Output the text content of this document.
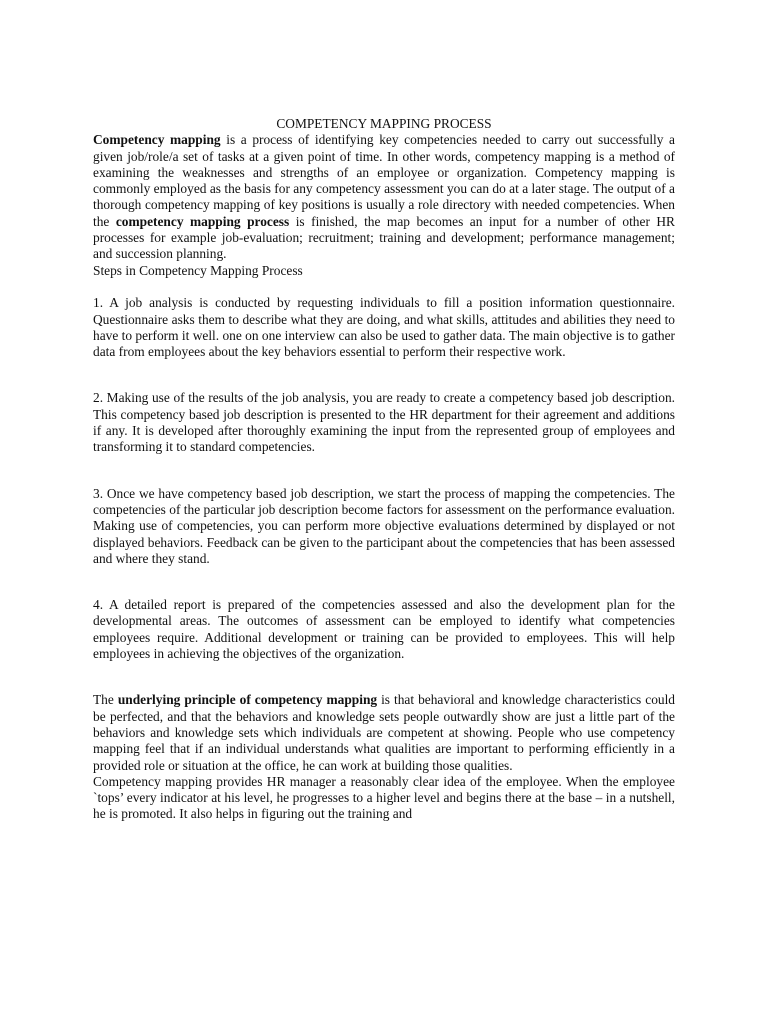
COMPETENCY MAPPING PROCESS

Competency mapping is a process of identifying key competencies needed to carry out successfully a given job/role/a set of tasks at a given point of time. In other words, competency mapping is a method of examining the weaknesses and strengths of an employee or organization. Competency mapping is commonly employed as the basis for any competency assessment you can do at a later stage. The output of a thorough competency mapping of key positions is usually a role directory with needed competencies. When the competency mapping process is finished, the map becomes an input for a number of other HR processes for example job-evaluation; recruitment; training and development; performance management; and succession planning.

Steps in Competency Mapping Process

1. A job analysis is conducted by requesting individuals to fill a position information questionnaire. Questionnaire asks them to describe what they are doing, and what skills, attitudes and abilities they need to have to perform it well. one on one interview can also be used to gather data. The main objective is to gather data from employees about the key behaviors essential to perform their respective work.

2. Making use of the results of the job analysis, you are ready to create a competency based job description. This competency based job description is presented to the HR department for their agreement and additions if any. It is developed after thoroughly examining the input from the represented group of employees and transforming it to standard competencies.

3. Once we have competency based job description, we start the process of mapping the competencies. The competencies of the particular job description become factors for assessment on the performance evaluation. Making use of competencies, you can perform more objective evaluations determined by displayed or not displayed behaviors. Feedback can be given to the participant about the competencies that has been assessed and where they stand.

4. A detailed report is prepared of the competencies assessed and also the development plan for the developmental areas. The outcomes of assessment can be employed to identify what competencies employees require. Additional development or training can be provided to employees. This will help employees in achieving the objectives of the organization.

The underlying principle of competency mapping is that behavioral and knowledge characteristics could be perfected, and that the behaviors and knowledge sets people outwardly show are just a little part of the behaviors and knowledge sets which individuals are competent at showing. People who use competency mapping feel that if an individual understands what qualities are important to performing efficiently in a provided role or situation at the office, he can work at building those qualities.

Competency mapping provides HR manager a reasonably clear idea of the employee. When the employee `tops’ every indicator at his level, he progresses to a higher level and begins there at the base – in a nutshell, he is promoted. It also helps in figuring out the training and
